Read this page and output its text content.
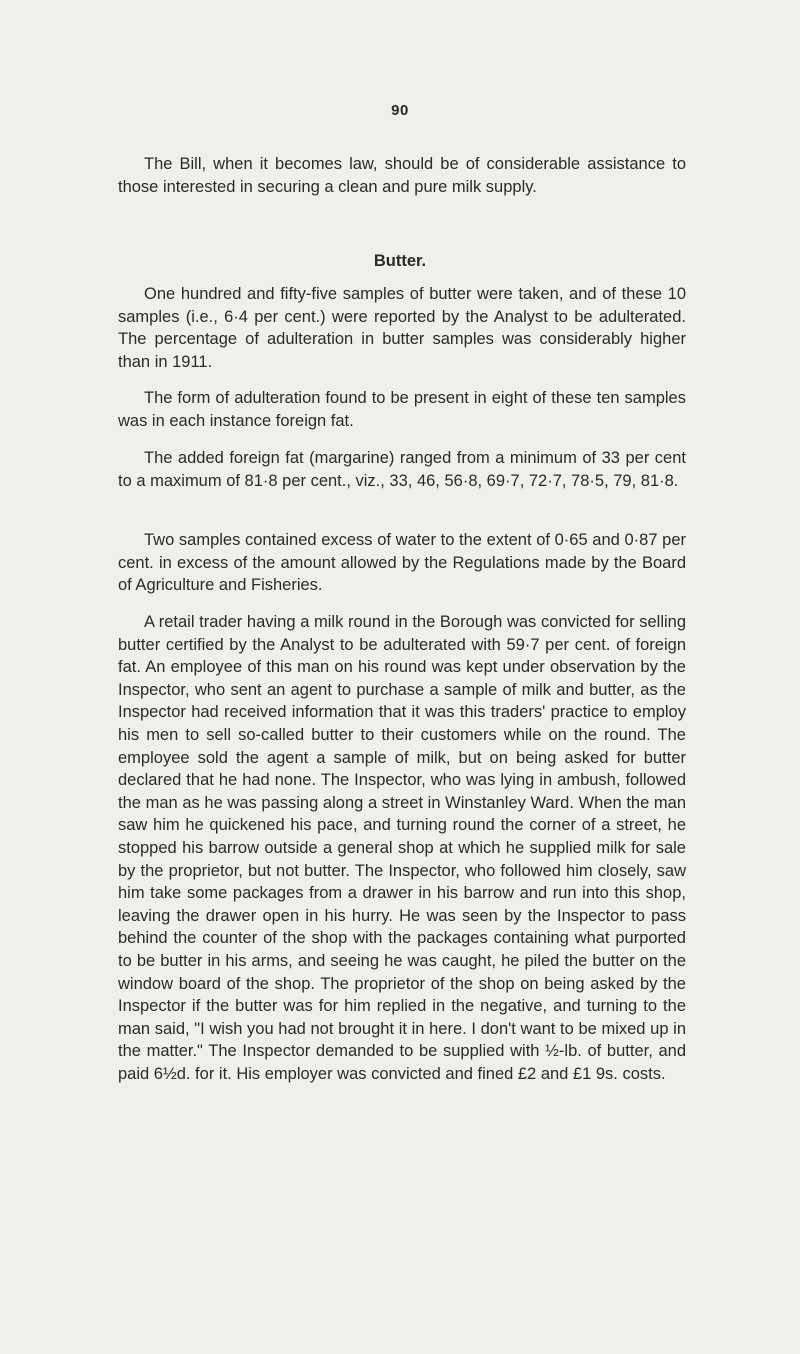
90

The Bill, when it becomes law, should be of considerable assistance to those interested in securing a clean and pure milk supply.

Butter.

One hundred and fifty-five samples of butter were taken, and of these 10 samples (i.e., 6·4 per cent.) were reported by the Analyst to be adulterated. The percentage of adulteration in butter samples was considerably higher than in 1911.

The form of adulteration found to be present in eight of these ten samples was in each instance foreign fat.

The added foreign fat (margarine) ranged from a minimum of 33 per cent to a maximum of 81·8 per cent., viz., 33, 46, 56·8, 69·7, 72·7, 78·5, 79, 81·8.

Two samples contained excess of water to the extent of 0·65 and 0·87 per cent. in excess of the amount allowed by the Regulations made by the Board of Agriculture and Fisheries.

A retail trader having a milk round in the Borough was convicted for selling butter certified by the Analyst to be adulterated with 59·7 per cent. of foreign fat. An employee of this man on his round was kept under observation by the Inspector, who sent an agent to purchase a sample of milk and butter, as the Inspector had received information that it was this traders' practice to employ his men to sell so-called butter to their customers while on the round. The employee sold the agent a sample of milk, but on being asked for butter declared that he had none. The Inspector, who was lying in ambush, followed the man as he was passing along a street in Winstanley Ward. When the man saw him he quickened his pace, and turning round the corner of a street, he stopped his barrow outside a general shop at which he supplied milk for sale by the proprietor, but not butter. The Inspector, who followed him closely, saw him take some packages from a drawer in his barrow and run into this shop, leaving the drawer open in his hurry. He was seen by the Inspector to pass behind the counter of the shop with the packages containing what purported to be butter in his arms, and seeing he was caught, he piled the butter on the window board of the shop. The proprietor of the shop on being asked by the Inspector if the butter was for him replied in the negative, and turning to the man said, "I wish you had not brought it in here. I don't want to be mixed up in the matter." The Inspector demanded to be supplied with ½-lb. of butter, and paid 6½d. for it. His employer was convicted and fined £2 and £1 9s. costs.
